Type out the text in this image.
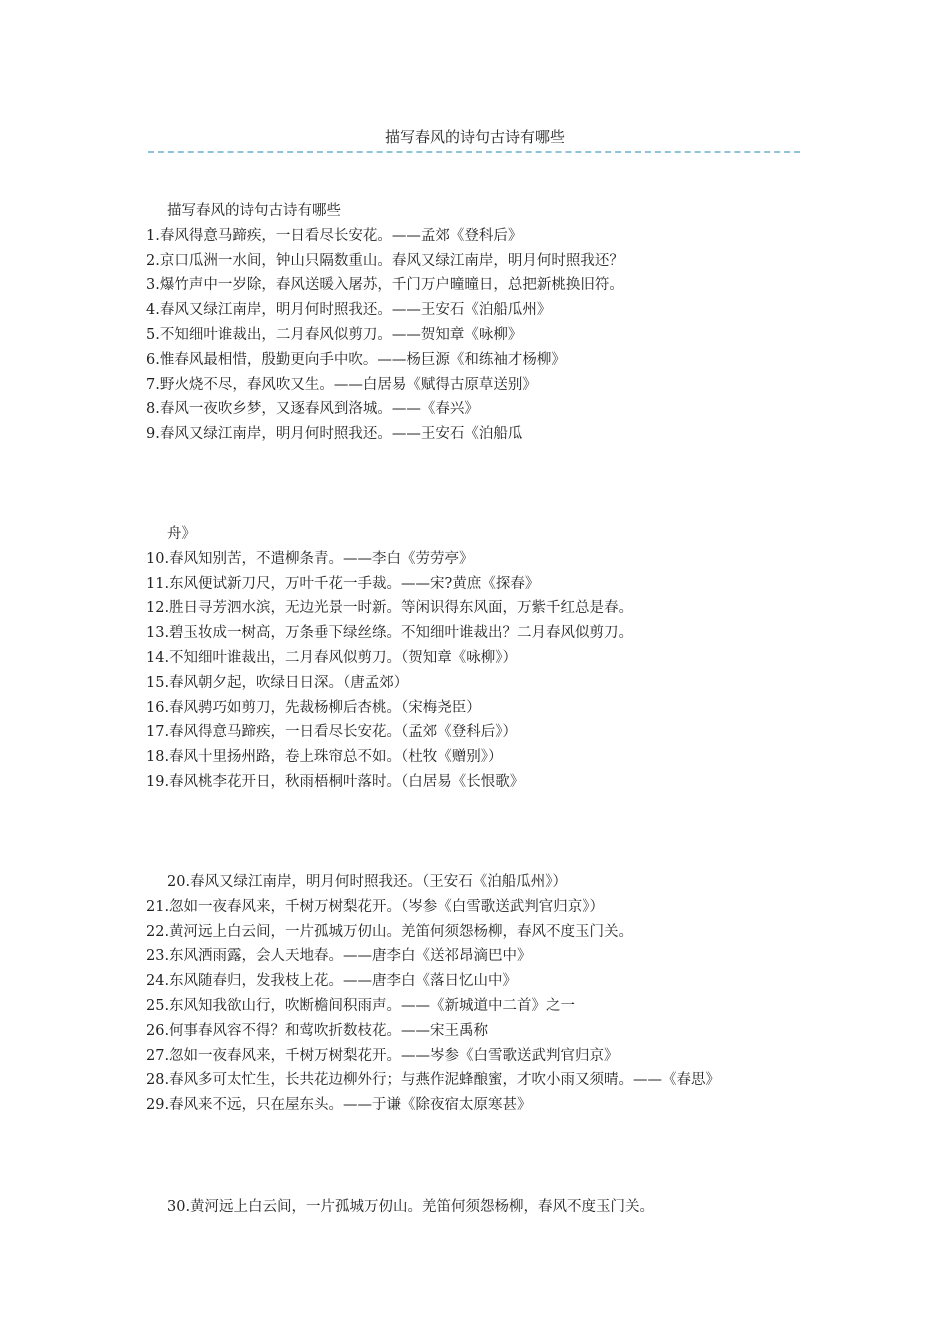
描写春风的诗句古诗有哪些
描写春风的诗句古诗有哪些
1.春风得意马蹄疾，一日看尽长安花。——孟郊《登科后》
2.京口瓜洲一水间，钟山只隔数重山。春风又绿江南岸，明月何时照我还？
3.爆竹声中一岁除，春风送暖入屠苏，千门万户曈曈日，总把新桃换旧符。
4.春风又绿江南岸，明月何时照我还。——王安石《泊船瓜州》
5.不知细叶谁裁出，二月春风似剪刀。——贺知章《咏柳》
6.惟春风最相惜，殷勤更向手中吹。——杨巨源《和练袖才杨柳》
7.野火烧不尽，春风吹又生。——白居易《赋得古原草送别》
8.春风一夜吹乡梦，又逐春风到洛城。——《春兴》
9.春风又绿江南岸，明月何时照我还。——王安石《泊船瓜
舟》
10.春风知别苦，不遣柳条青。——李白《劳劳亭》
11.东风便试新刀尺，万叶千花一手裁。——宋?黄庶《探春》
12.胜日寻芳泗水滨，无边光景一时新。等闲识得东风面，万紫千红总是春。
13.碧玉妆成一树高，万条垂下绿丝绦。不知细叶谁裁出？二月春风似剪刀。
14.不知细叶谁裁出，二月春风似剪刀。（贺知章《咏柳》）
15.春风朝夕起，吹绿日日深。（唐孟郊）
16.春风骋巧如剪刀，先裁杨柳后杏桃。（宋梅尧臣）
17.春风得意马蹄疾，一日看尽长安花。（孟郊《登科后》）
18.春风十里扬州路，卷上珠帘总不如。（杜牧《赠别》）
19.春风桃李花开日，秋雨梧桐叶落时。（白居易《长恨歌》
20.春风又绿江南岸，明月何时照我还。（王安石《泊船瓜州》）
21.忽如一夜春风来，千树万树梨花开。（岑参《白雪歌送武判官归京》）
22.黄河远上白云间，一片孤城万仞山。羌笛何须怨杨柳，春风不度玉门关。
23.东风洒雨露，会人天地春。——唐李白《送祁昂滴巴中》
24.东风随春归，发我枝上花。——唐李白《落日忆山中》
25.东风知我欲山行，吹断檐间积雨声。——《新城道中二首》之一
26.何事春风容不得？和莺吹折数枝花。——宋王禹称
27.忽如一夜春风来，千树万树梨花开。——岑参《白雪歌送武判官归京》
28.春风多可太忙生，长共花边柳外行；与燕作泥蜂酿蜜，才吹小雨又须晴。——《春思》
29.春风来不远，只在屋东头。——于谦《除夜宿太原寒甚》
30.黄河远上白云间，一片孤城万仞山。羌笛何须怨杨柳，春风不度玉门关。
